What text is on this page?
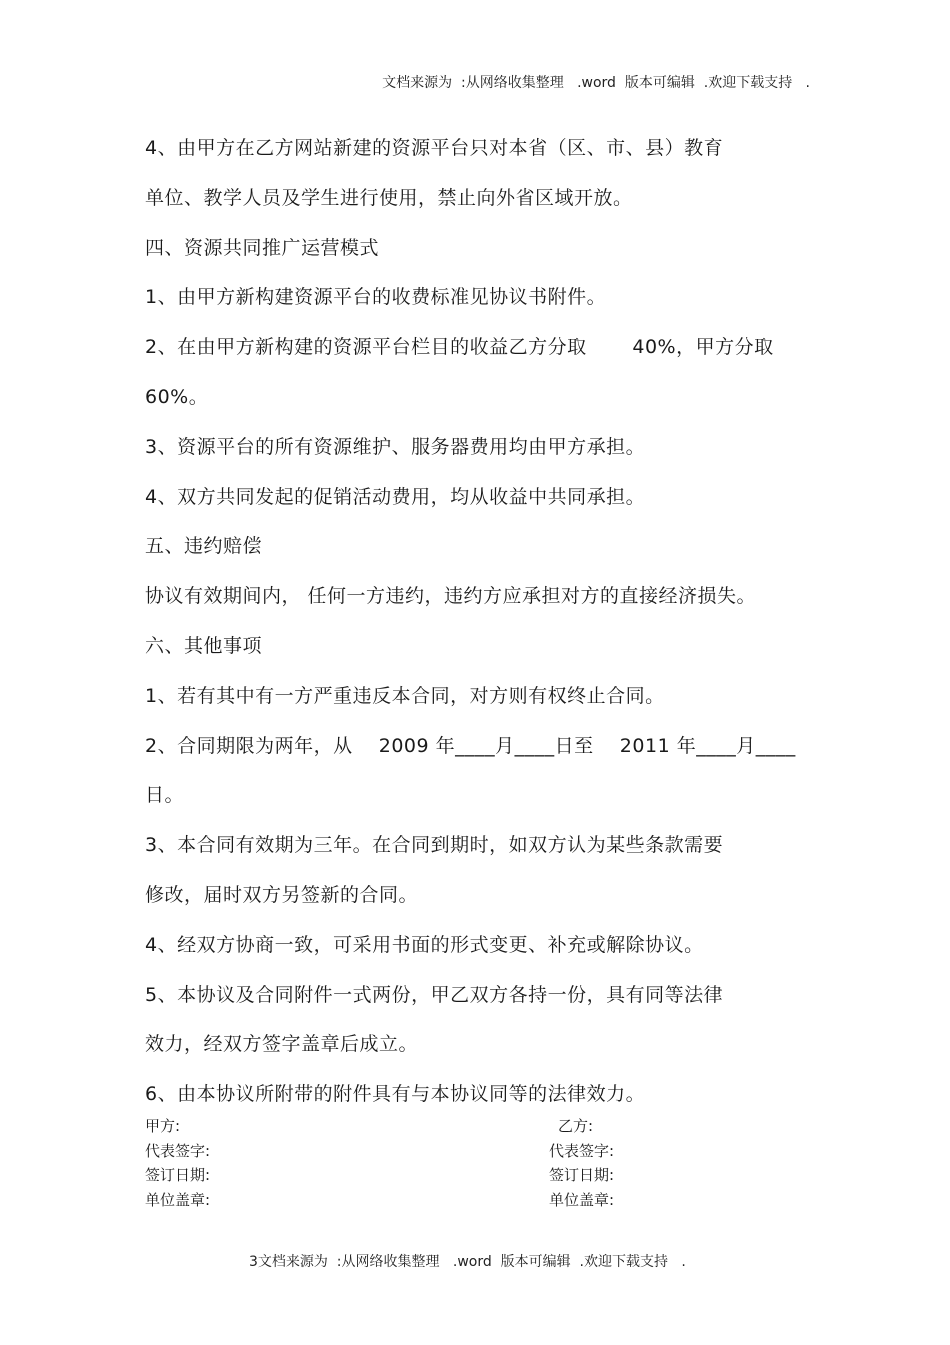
文档来源为  :从网络收集整理   .word  版本可编辑  .欢迎下载支持   .
4、由甲方在乙方网站新建的资源平台只对本省（区、市、县）教育
单位、教学人员及学生进行使用，禁止向外省区域开放。
四、资源共同推广运营模式
1、由甲方新构建资源平台的收费标准见协议书附件。
2、在由甲方新构建的资源平台栏目的收益乙方分取       40%，甲方分取
60%。
3、资源平台的所有资源维护、服务器费用均由甲方承担。
4、双方共同发起的促销活动费用，均从收益中共同承担。
五、违约赔偿
协议有效期间内， 任何一方违约，违约方应承担对方的直接经济损失。
六、其他事项
1、若有其中有一方严重违反本合同，对方则有权终止合同。
2、合同期限为两年，从    2009 年____月____日至    2011 年____月____
日。
3、本合同有效期为三年。在合同到期时，如双方认为某些条款需要
修改，届时双方另签新的合同。
4、经双方协商一致，可采用书面的形式变更、补充或解除协议。
5、本协议及合同附件一式两份，甲乙双方各持一份，具有同等法律
效力，经双方签字盖章后成立。
6、由本协议所附带的附件具有与本协议同等的法律效力。
甲方:	乙方:
代表签字:	代表签字:
签订日期:	签订日期:
单位盖章:	单位盖章:
3文档来源为  :从网络收集整理   .word  版本可编辑  .欢迎下载支持   .
